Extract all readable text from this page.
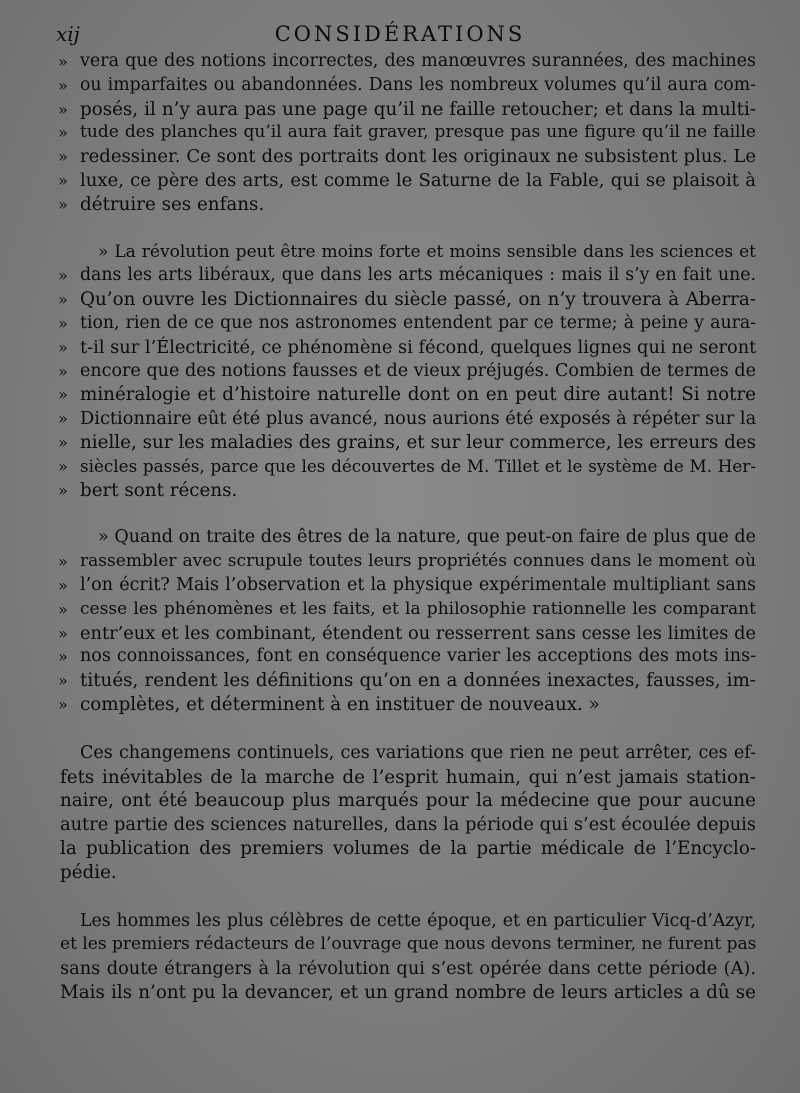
xij	CONSIDÉRATIONS
» vera que des notions incorrectes, des manœuvres surannées, des machines
» ou imparfaites ou abandonnées. Dans les nombreux volumes qu’il aura com-
» posés, il n’y aura pas une page qu’il ne faille retoucher; et dans la multi-
» tude des planches qu’il aura fait graver, presque pas une figure qu’il ne faille
» redessiner. Ce sont des portraits dont les originaux ne subsistent plus. Le
» luxe, ce père des arts, est comme le Saturne de la Fable, qui se plaisoit à
» détruire ses enfans.
» La révolution peut être moins forte et moins sensible dans les sciences et
» dans les arts libéraux, que dans les arts mécaniques : mais il s’y en fait une.
» Qu’on ouvre les Dictionnaires du siècle passé, on n’y trouvera à Aberra-
» tion, rien de ce que nos astronomes entendent par ce terme; à peine y aura-
» t-il sur l’Électricité, ce phénomène si fécond, quelques lignes qui ne seront
» encore que des notions fausses et de vieux préjugés. Combien de termes de
» minéralogie et d’histoire naturelle dont on en peut dire autant! Si notre
» Dictionnaire eût été plus avancé, nous aurions été exposés à répéter sur la
» nielle, sur les maladies des grains, et sur leur commerce, les erreurs des
» siècles passés, parce que les découvertes de M. Tillet et le système de M. Her-
» bert sont récens.
» Quand on traite des êtres de la nature, que peut-on faire de plus que de
» rassembler avec scrupule toutes leurs propriétés connues dans le moment où
» l’on écrit? Mais l’observation et la physique expérimentale multipliant sans
» cesse les phénomènes et les faits, et la philosophie rationnelle les comparant
» entr’eux et les combinant, étendent ou resserrent sans cesse les limites de
» nos connoissances, font en conséquence varier les acceptions des mots ins-
» titués, rendent les définitions qu’on en a données inexactes, fausses, im-
» complètes, et déterminent à en instituer de nouveaux. »
Ces changemens continuels, ces variations que rien ne peut arrêter, ces ef-
fets inévitables de la marche de l’esprit humain, qui n’est jamais station-
naire, ont été beaucoup plus marqués pour la médecine que pour aucune
autre partie des sciences naturelles, dans la période qui s’est écoulée depuis
la publication des premiers volumes de la partie médicale de l’Encyclo-
pédie.
Les hommes les plus célèbres de cette époque, et en particulier Vicq-d’Azyr,
et les premiers rédacteurs de l’ouvrage que nous devons terminer, ne furent pas
sans doute étrangers à la révolution qui s’est opérée dans cette période (A).
Mais ils n’ont pu la devancer, et un grand nombre de leurs articles a dû se
